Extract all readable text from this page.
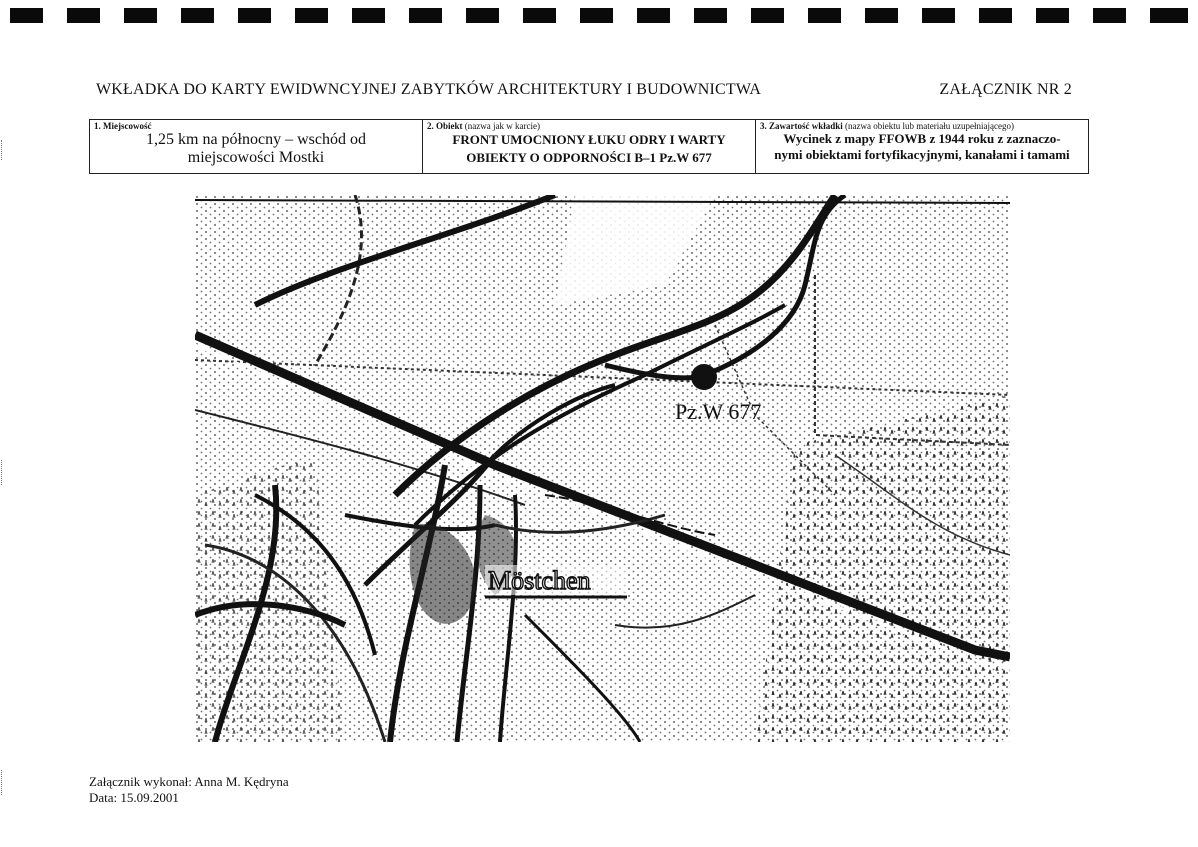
WKŁADKA DO KARTY EWIDWNCYJNEJ ZABYTKÓW ARCHITEKTURY I BUDOWNICTWA	ZAŁĄCZNIK NR 2
1. Miejscowość
1,25 km na północny – wschód od
miejscowości Mostki

2. Obiekt (nazwa jak w karcie)
FRONT UMOCNIONY ŁUKU ODRY I WARTY
OBIEKTY O ODPORNOŚCI B–1 Pz.W 677

3. Zawartość wkładki (nazwa obiektu lub materiału uzupełniającego)
Wycinek z mapy FFOWB z 1944 roku z zaznaczo-
nymi obiektami fortyfikacyjnymi, kanałami i tamami
Pz.W 677
Möstchen
Załącznik wykonał: Anna M. Kędryna
Data: 15.09.2001
